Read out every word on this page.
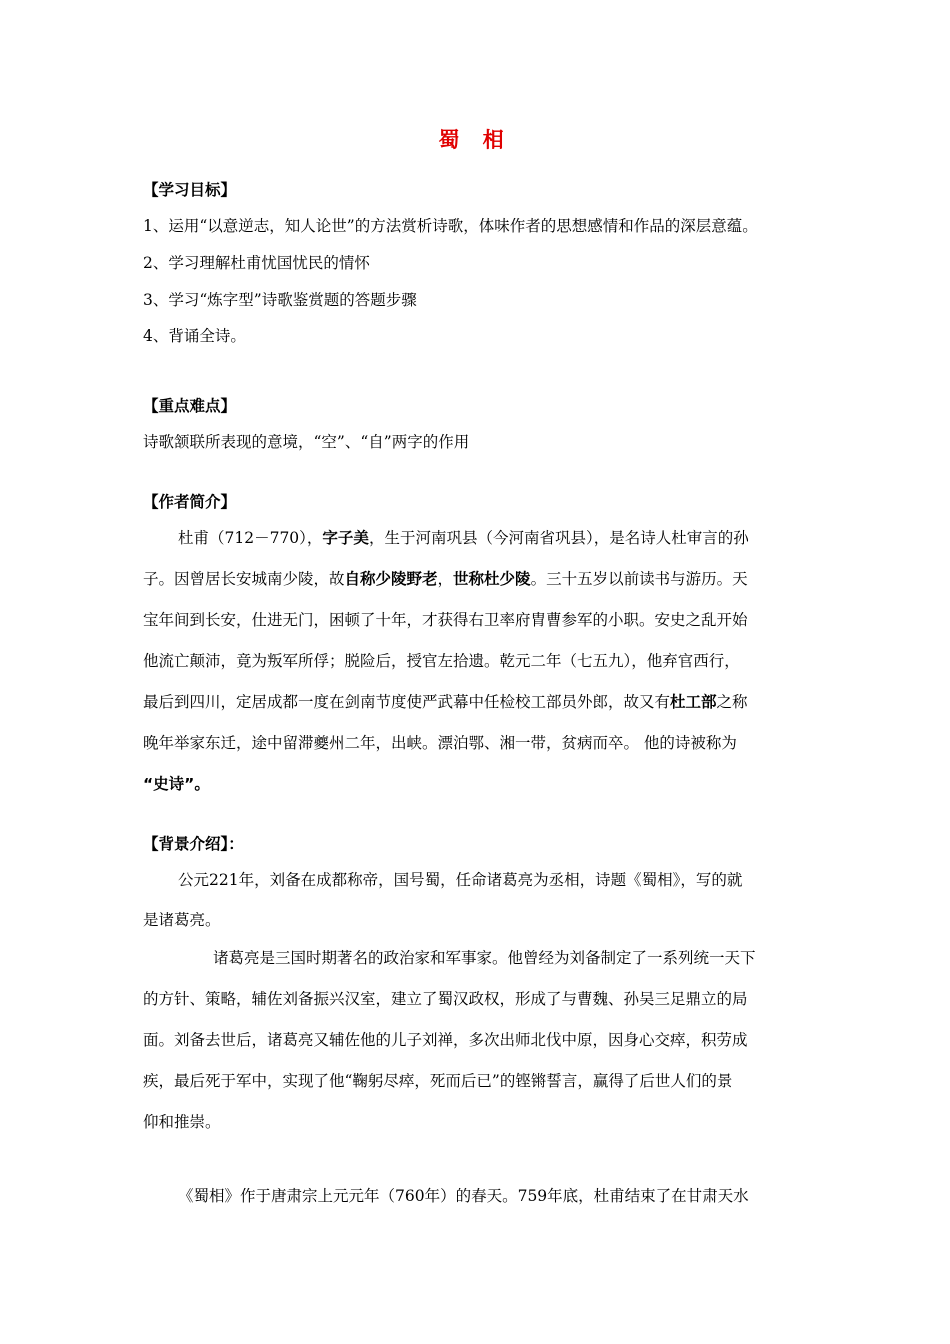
蜀 相
【学习目标】
1、运用“以意逆志，知人论世”的方法赏析诗歌，体味作者的思想感情和作品的深层意蕴。
2、学习理解杜甫忧国忧民的情怀
3、学习“炼字型”诗歌鉴赏题的答题步骤
4、背诵全诗。
【重点难点】
诗歌颔联所表现的意境，“空”、“自”两字的作用
【作者简介】
杜甫（712－770），字子美，生于河南巩县（今河南省巩县），是名诗人杜审言的孙
子。因曾居长安城南少陵，故自称少陵野老，世称杜少陵。三十五岁以前读书与游历。天
宝年间到长安，仕进无门，困顿了十年，才获得右卫率府胄曹参军的小职。安史之乱开始
他流亡颠沛，竟为叛军所俘；脱险后，授官左拾遗。乾元二年（七五九），他弃官西行，
最后到四川，定居成都一度在剑南节度使严武幕中任检校工部员外郎，故又有杜工部之称
晚年举家东迁，途中留滞夔州二年，出峡。漂泊鄂、湘一带，贫病而卒。 他的诗被称为
“史诗”。
【背景介绍】：
公元221年，刘备在成都称帝，国号蜀，任命诸葛亮为丞相，诗题《蜀相》，写的就
是诸葛亮。
诸葛亮是三国时期著名的政治家和军事家。他曾经为刘备制定了一系列统一天下
的方针、策略，辅佐刘备振兴汉室，建立了蜀汉政权，形成了与曹魏、孙吴三足鼎立的局
面。刘备去世后，诸葛亮又辅佐他的儿子刘禅，多次出师北伐中原，因身心交瘁，积劳成
疾，最后死于军中，实现了他“鞠躬尽瘁，死而后已”的铿锵誓言，赢得了后世人们的景
仰和推崇。
《蜀相》作于唐肃宗上元元年（760年）的春天。759年底，杜甫结束了在甘肃天水
